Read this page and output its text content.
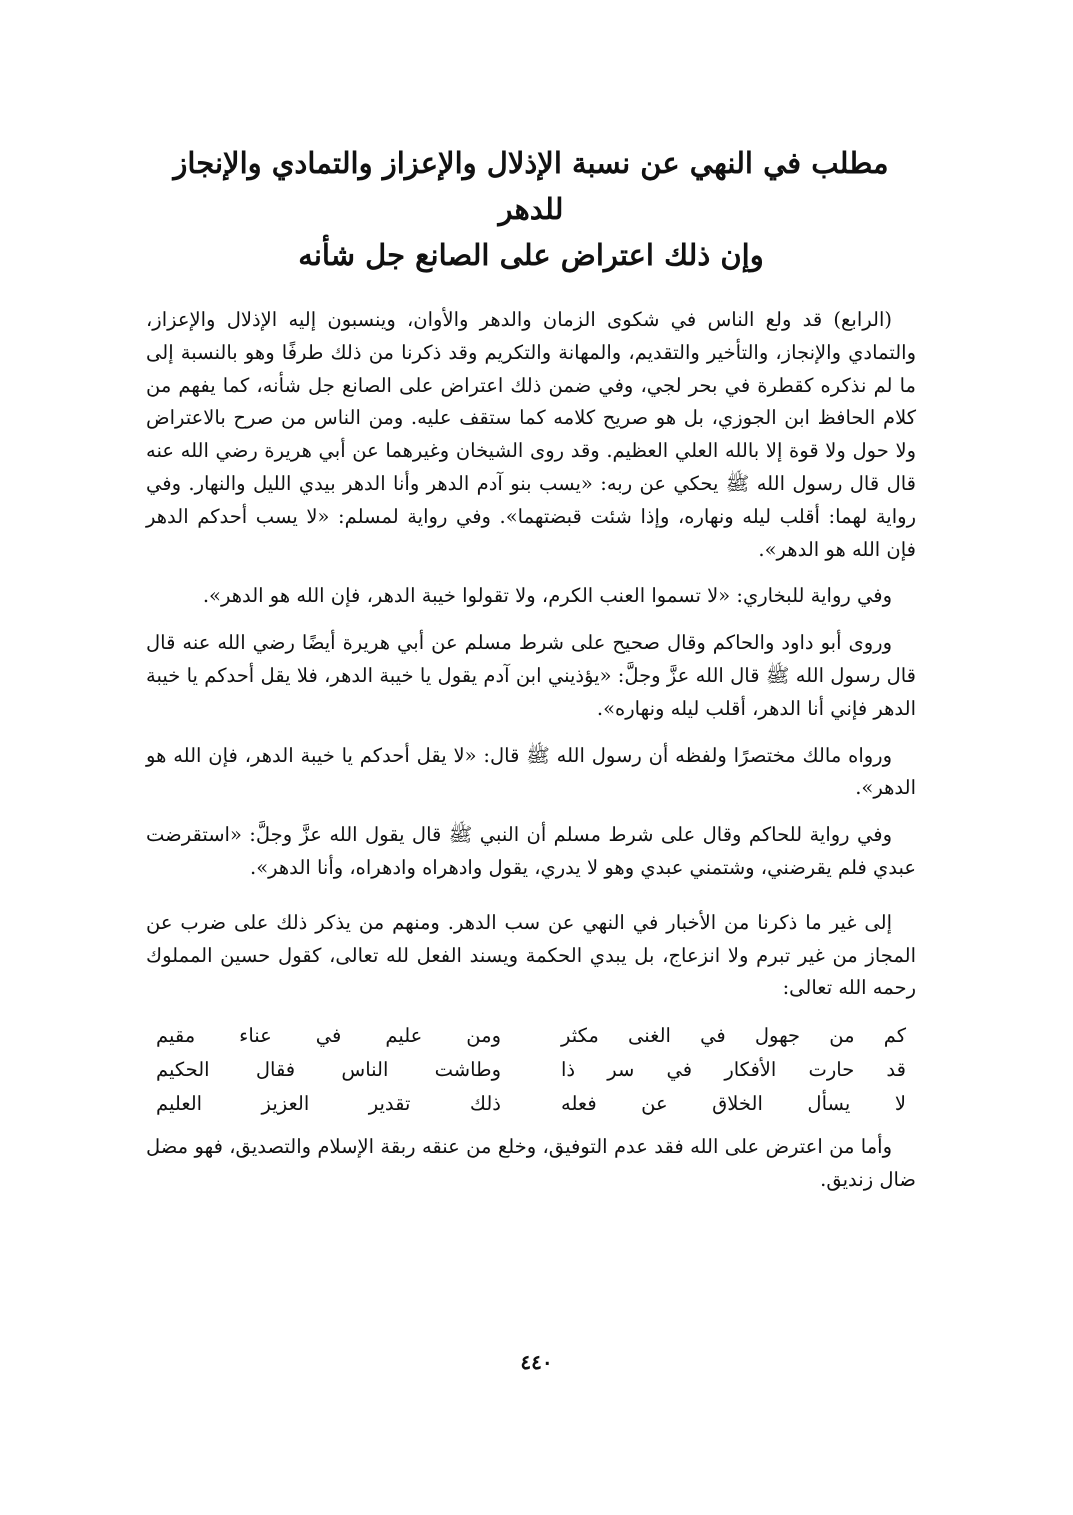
مطلب في النهي عن نسبة الإذلال والإعزاز والتمادي والإنجاز للدهر
وإن ذلك اعتراض على الصانع جل شأنه

(الرابع) قد ولع الناس في شكوى الزمان والدهر والأوان، وينسبون إليه الإذلال والإعزاز، والتمادي والإنجاز، والتأخير والتقديم، والمهانة والتكريم وقد ذكرنا من ذلك طرفًا وهو بالنسبة إلى ما لم نذكره كقطرة في بحر لجي، وفي ضمن ذلك اعتراض على الصانع جل شأنه، كما يفهم من كلام الحافظ ابن الجوزي، بل هو صريح كلامه كما ستقف عليه. ومن الناس من صرح بالاعتراض ولا حول ولا قوة إلا بالله العلي العظيم. وقد روى الشيخان وغيرهما عن أبي هريرة رضي الله عنه قال قال رسول الله ﷺ يحكي عن ربه: «يسب بنو آدم الدهر وأنا الدهر بيدي الليل والنهار. وفي رواية لهما: أقلب ليله ونهاره، وإذا شئت قبضتهما». وفي رواية لمسلم: «لا يسب أحدكم الدهر فإن الله هو الدهر».

وفي رواية للبخاري: «لا تسموا العنب الكرم، ولا تقولوا خيبة الدهر، فإن الله هو الدهر».

وروى أبو داود والحاكم وقال صحيح على شرط مسلم عن أبي هريرة أيضًا رضي الله عنه قال قال رسول الله ﷺ قال الله عزَّ وجلَّ: «يؤذيني ابن آدم يقول يا خيبة الدهر، فلا يقل أحدكم يا خيبة الدهر فإني أنا الدهر، أقلب ليله ونهاره».

ورواه مالك مختصرًا ولفظه أن رسول الله ﷺ قال: «لا يقل أحدكم يا خيبة الدهر، فإن الله هو الدهر».

وفي رواية للحاكم وقال على شرط مسلم أن النبي ﷺ قال يقول الله عزَّ وجلَّ: «استقرضت عبدي فلم يقرضني، وشتمني عبدي وهو لا يدري، يقول وادهراه وادهراه، وأنا الدهر».

إلى غير ما ذكرنا من الأخبار في النهي عن سب الدهر. ومنهم من يذكر ذلك على ضرب عن المجاز من غير تبرم ولا انزعاج، بل يبدي الحكمة ويسند الفعل لله تعالى، كقول حسين المملوك رحمه الله تعالى:

كم من جهول في الغنى مكثر
ومن عليم في عناء مقيم
قد حارت الأفكار في سر ذا
وطاشت الناس فقال الحكيم
لا يسأل الخلاق عن فعله
ذلك تقدير العزيز العليم

وأما من اعترض على الله فقد عدم التوفيق، وخلع من عنقه ربقة الإسلام والتصديق، فهو مضل ضال زنديق.

٤٤٠
